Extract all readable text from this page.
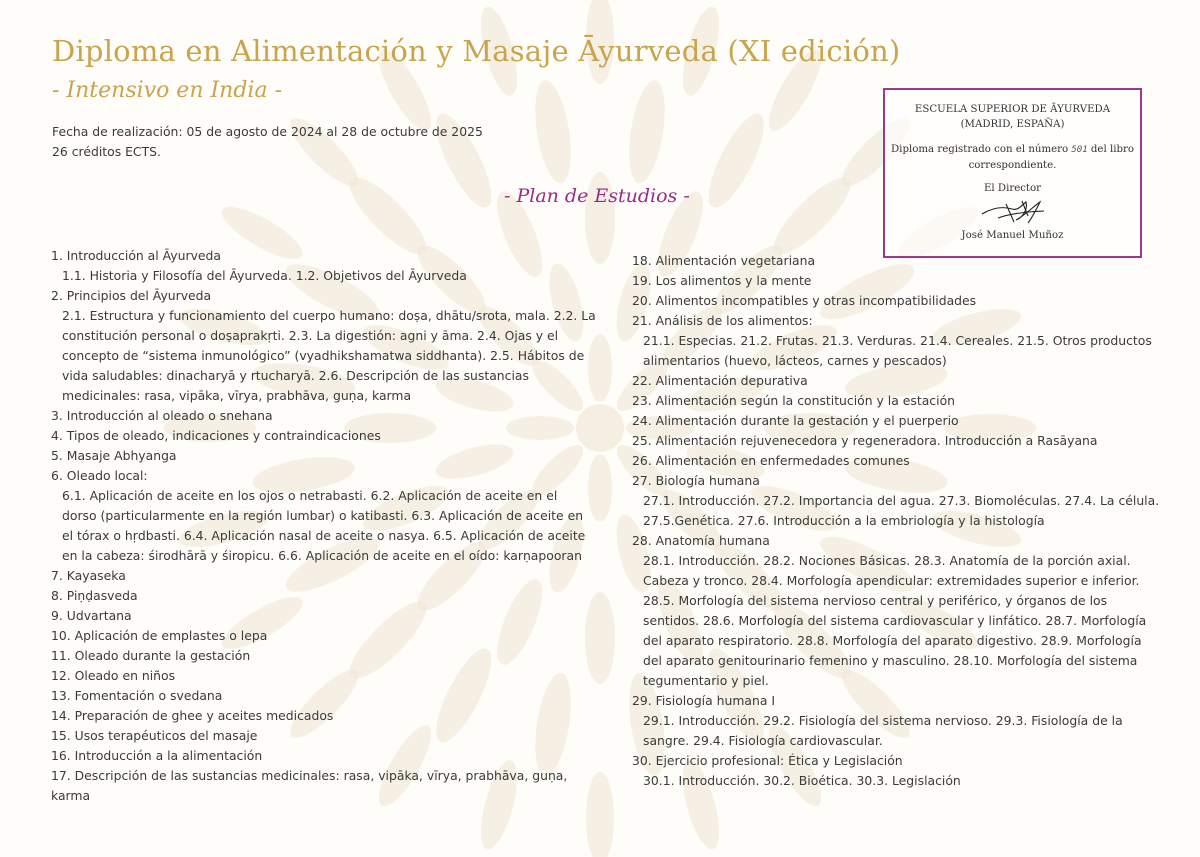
Diploma en Alimentación y Masaje Āyurveda (XI edición)
- Intensivo en India -
Fecha de realización: 05 de agosto de 2024 al 28 de octubre de 2025
26 créditos ECTS.
- Plan de Estudios -
ESCUELA SUPERIOR DE ĀYURVEDA
(MADRID, ESPAÑA)
Diploma registrado con el número 501 del libro correspondiente.
El Director
José Manuel Muñoz
1. Introducción al Āyurveda
1.1. Historia y Filosofía del Āyurveda. 1.2. Objetivos del Āyurveda
2. Principios del Āyurveda
2.1. Estructura y funcionamiento del cuerpo humano: doṣa, dhātu/srota, mala. 2.2. La
constitución personal o doṣaprakṛti. 2.3. La digestión: agni y āma. 2.4. Ojas y el
concepto de “sistema inmunológico” (vyadhikshamatwa siddhanta). 2.5. Hábitos de
vida saludables: dinacharyā y rtucharyā. 2.6. Descripción de las sustancias
medicinales: rasa, vipāka, vīrya, prabhāva, guṇa, karma
3. Introducción al oleado o snehana
4. Tipos de oleado, indicaciones y contraindicaciones
5. Masaje Abhyanga
6. Oleado local:
6.1. Aplicación de aceite en los ojos o netrabasti. 6.2. Aplicación de aceite en el
dorso (particularmente en la región lumbar) o katibasti. 6.3. Aplicación de aceite en
el tórax o hṛdbasti. 6.4. Aplicación nasal de aceite o nasya. 6.5. Aplicación de aceite
en la cabeza: śirodhārā y śiropicu. 6.6. Aplicación de aceite en el oído: karṇapooran
7. Kayaseka
8. Piṇḍasveda
9. Udvartana
10. Aplicación de emplastes o lepa
11. Oleado durante la gestación
12. Oleado en niños
13. Fomentación o svedana
14. Preparación de ghee y aceites medicados
15. Usos terapéuticos del masaje
16. Introducción a la alimentación
17. Descripción de las sustancias medicinales: rasa, vipāka, vīrya, prabhāva, guṇa,
karma
18. Alimentación vegetariana
19. Los alimentos y la mente
20. Alimentos incompatibles y otras incompatibilidades
21. Análisis de los alimentos:
21.1. Especias. 21.2. Frutas. 21.3. Verduras. 21.4. Cereales. 21.5. Otros productos
alimentarios (huevo, lácteos, carnes y pescados)
22. Alimentación depurativa
23. Alimentación según la constitución y la estación
24. Alimentación durante la gestación y el puerperio
25. Alimentación rejuvenecedora y regeneradora. Introducción a Rasāyana
26. Alimentación en enfermedades comunes
27. Biología humana
27.1. Introducción. 27.2. Importancia del agua. 27.3. Biomoléculas. 27.4. La célula.
27.5.Genética. 27.6. Introducción a la embriología y la histología
28. Anatomía humana
28.1. Introducción. 28.2. Nociones Básicas. 28.3. Anatomía de la porción axial.
Cabeza y tronco. 28.4. Morfología apendicular: extremidades superior e inferior.
28.5. Morfología del sistema nervioso central y periférico, y órganos de los
sentidos. 28.6. Morfología del sistema cardiovascular y linfático. 28.7. Morfología
del aparato respiratorio. 28.8. Morfología del aparato digestivo. 28.9. Morfología
del aparato genitourinario femenino y masculino. 28.10. Morfología del sistema
tegumentario y piel.
29. Fisiología humana I
29.1. Introducción. 29.2. Fisiología del sistema nervioso. 29.3. Fisiología de la
sangre. 29.4. Fisiología cardiovascular.
30. Ejercicio profesional: Ética y Legislación
30.1. Introducción. 30.2. Bioética. 30.3. Legislación
